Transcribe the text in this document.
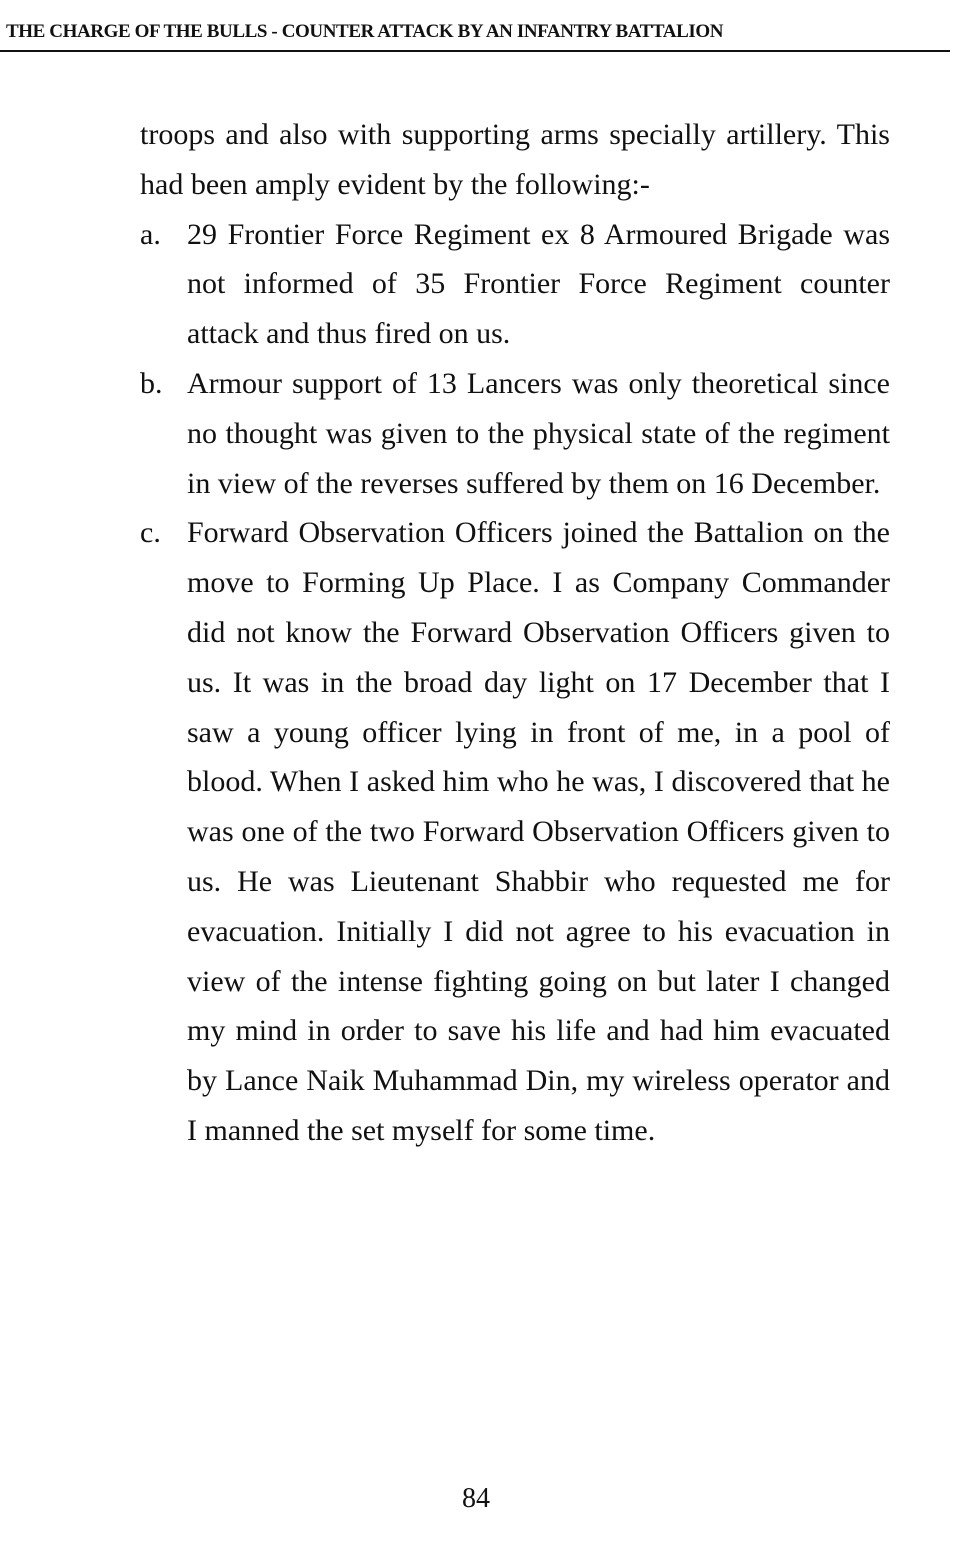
THE CHARGE OF THE BULLS - COUNTER ATTACK BY AN INFANTRY BATTALION

troops and also with supporting arms specially artillery. This had been amply evident by the following:-

a. 29 Frontier Force Regiment ex 8 Armoured Brigade was not informed of 35 Frontier Force Regiment counter attack and thus fired on us.
b. Armour support of 13 Lancers was only theoretical since no thought was given to the physical state of the regiment in view of the reverses suffered by them on 16 December.
c. Forward Observation Officers joined the Battalion on the move to Forming Up Place. I as Company Commander did not know the Forward Observation Officers given to us. It was in the broad day light on 17 December that I saw a young officer lying in front of me, in a pool of blood. When I asked him who he was, I discovered that he was one of the two Forward Observation Officers given to us. He was Lieutenant Shabbir who requested me for evacuation. Initially I did not agree to his evacuation in view of the intense fighting going on but later I changed my mind in order to save his life and had him evacuated by Lance Naik Muhammad Din, my wireless operator and I manned the set myself for some time.
84
